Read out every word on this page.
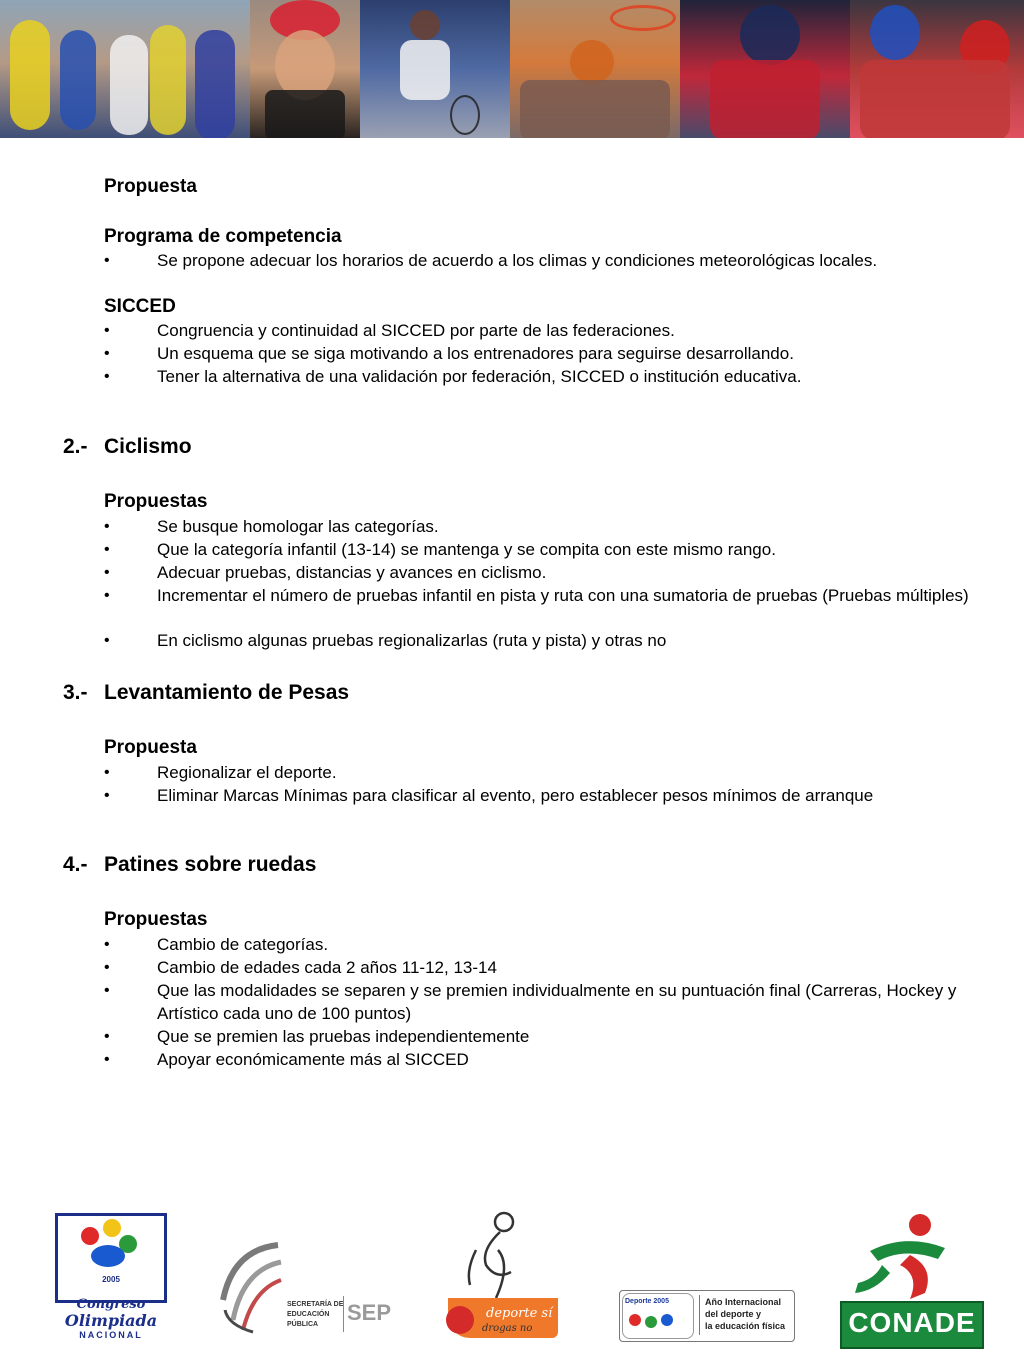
Propuesta
Programa de competencia
•	Se propone adecuar los horarios de acuerdo a los climas y condiciones meteorológicas locales.
SICCED
•	Congruencia y continuidad al SICCED por parte de las federaciones.
•	Un esquema que se siga motivando a los entrenadores para seguirse desarrollando.
•	Tener la alternativa de una validación por federación, SICCED o institución educativa.
2.- Ciclismo
Propuestas
•	Se busque homologar las categorías.
•	Que la categoría infantil (13-14) se mantenga y se compita con este mismo rango.
•	Adecuar pruebas, distancias y avances en ciclismo.
•	Incrementar el número de pruebas infantil en pista y ruta con una sumatoria de pruebas (Pruebas múltiples)
•	En ciclismo algunas pruebas regionalizarlas (ruta y pista) y otras no
3.- Levantamiento de Pesas
Propuesta
•	Regionalizar el deporte.
•	Eliminar Marcas Mínimas para clasificar al evento, pero establecer pesos mínimos de arranque
4.- Patines sobre ruedas
Propuestas
•	Cambio de categorías.
•	Cambio de edades cada 2 años 11-12, 13-14
•	Que las modalidades se separen y se premien individualmente en su puntuación final (Carreras, Hockey y Artístico cada uno de 100 puntos)
•	Que se premien las pruebas independientemente
•	Apoyar económicamente más al SICCED
2005
Congreso
Olimpiada
NACIONAL
SECRETARÍA DE
EDUCACIÓN
PÚBLICA	SEP	deporte sí
drogas no
Deporte 2005	Año Internacional
del deporte y
la educación física CONADE
